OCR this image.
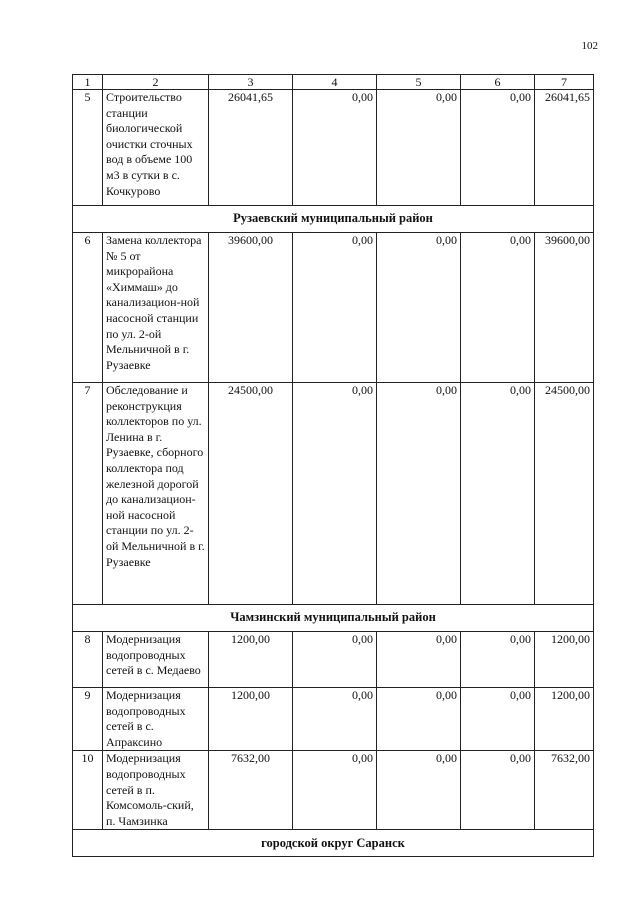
102
1	2	3	4	5	6	7
5	Строительство станции биологической очистки сточных вод в объеме 100 м3 в сутки в с. Кочкурово	26041,65	0,00	0,00	0,00	26041,65
Рузаевский муниципальный район						
6	Замена коллектора № 5 от микрорайона «Химмаш» до канализацион-ной насосной станции по ул. 2-ой Мельничной в г. Рузаевке	39600,00	0,00	0,00	0,00	39600,00
7	Обследование и реконструкция коллекторов по ул. Ленина в г. Рузаевке, сборного коллектора под железной дорогой до канализацион-ной насосной станции по ул. 2-ой Мельничной в г. Рузаевке	24500,00	0,00	0,00	0,00	24500,00
Чамзинский муниципальный район						
8	Модернизация водопроводных сетей в с. Медаево	1200,00	0,00	0,00	0,00	1200,00
9	Модернизация водопроводных сетей в с. Апраксино	1200,00	0,00	0,00	0,00	1200,00
10	Модернизация водопроводных сетей в п. Комсомоль-ский, п. Чамзинка	7632,00	0,00	0,00	0,00	7632,00
городской округ Саранск						
